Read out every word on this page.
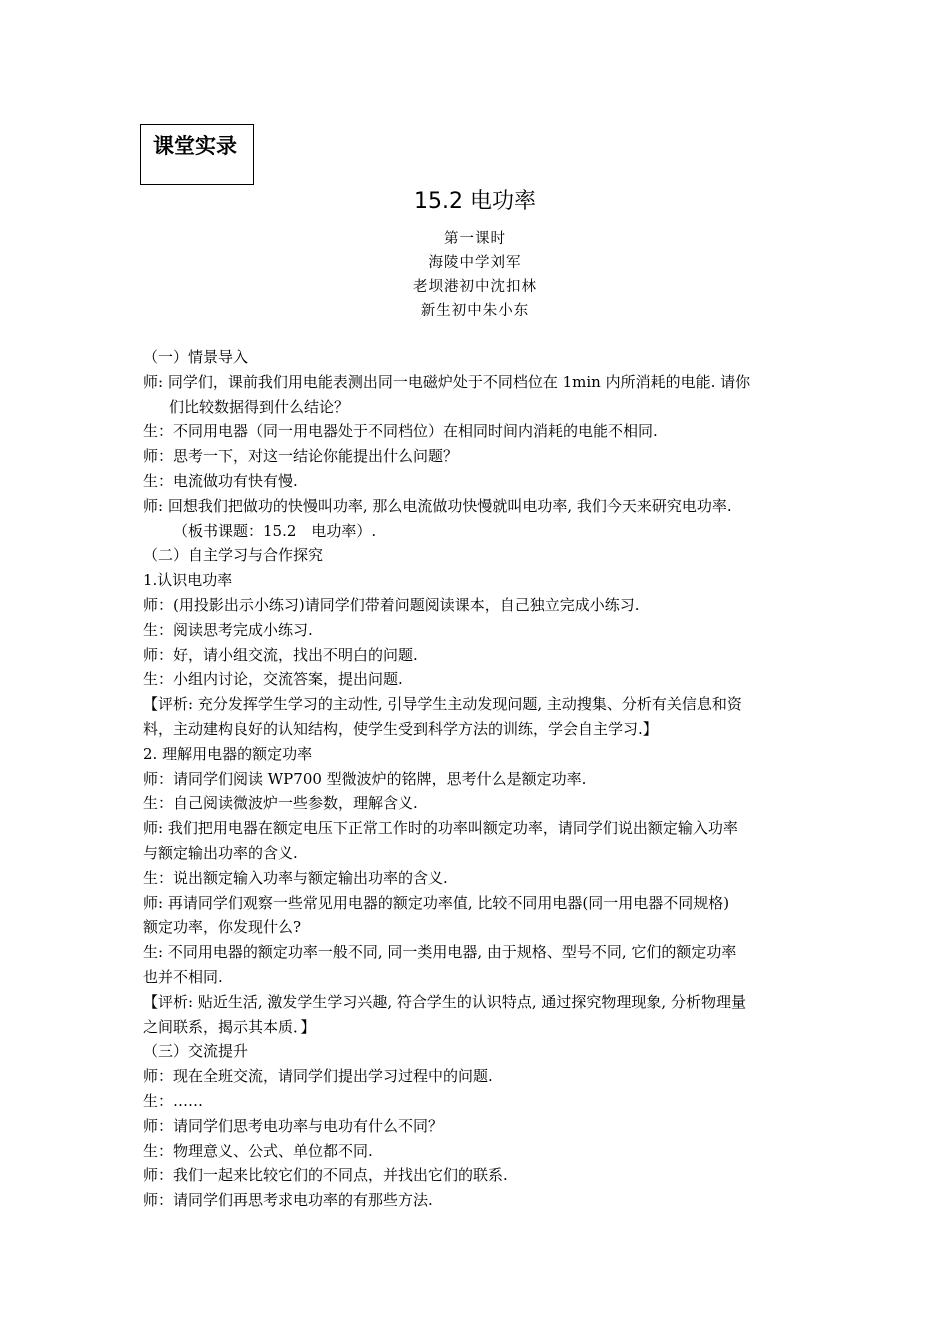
课堂实录
15.2 电功率
第一课时
海陵中学刘军
老坝港初中沈扣林
新生初中朱小东
（一）情景导入
师: 同学们，课前我们用电能表测出同一电磁炉处于不同档位在 1min 内所消耗的电能. 请你
们比较数据得到什么结论？
生：不同用电器（同一用电器处于不同档位）在相同时间内消耗的电能不相同.
师：思考一下，对这一结论你能提出什么问题？
生：电流做功有快有慢.
师: 回想我们把做功的快慢叫功率, 那么电流做功快慢就叫电功率, 我们今天来研究电功率.
（板书课题：15.2　电功率）.
（二）自主学习与合作探究
1.认识电功率
师：(用投影出示小练习)请同学们带着问题阅读课本，自己独立完成小练习.
生：阅读思考完成小练习.
师：好，请小组交流，找出不明白的问题.
生：小组内讨论，交流答案，提出问题.
【评析: 充分发挥学生学习的主动性, 引导学生主动发现问题, 主动搜集、分析有关信息和资
料，主动建构良好的认知结构，使学生受到科学方法的训练，学会自主学习.】
2. 理解用电器的额定功率
师：请同学们阅读 WP700 型微波炉的铭牌，思考什么是额定功率.
生：自己阅读微波炉一些参数，理解含义.
师: 我们把用电器在额定电压下正常工作时的功率叫额定功率，请同学们说出额定输入功率
与额定输出功率的含义.
生：说出额定输入功率与额定输出功率的含义.
师: 再请同学们观察一些常见用电器的额定功率值, 比较不同用电器(同一用电器不同规格)
额定功率，你发现什么?
生: 不同用电器的额定功率一般不同, 同一类用电器, 由于规格、型号不同, 它们的额定功率
也并不相同.
【评析: 贴近生活, 激发学生学习兴趣, 符合学生的认识特点, 通过探究物理现象, 分析物理量
之间联系，揭示其本质．】
（三）交流提升
师：现在全班交流，请同学们提出学习过程中的问题.
生：……
师：请同学们思考电功率与电功有什么不同？
生：物理意义、公式、单位都不同.
师：我们一起来比较它们的不同点，并找出它们的联系.
师：请同学们再思考求电功率的有那些方法.
